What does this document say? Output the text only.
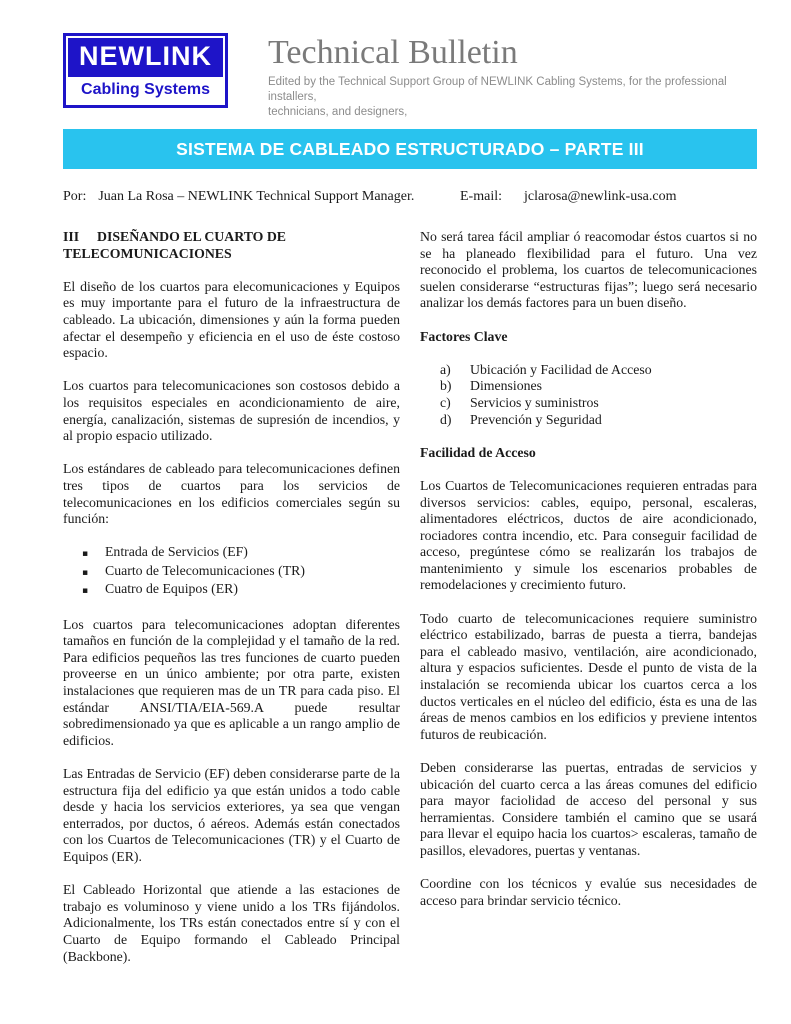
NEWLINK
Cabling Systems
Technical Bulletin
Edited by the Technical Support Group of NEWLINK Cabling Systems, for the professional installers,
technicians, and designers,
SISTEMA DE CABLEADO ESTRUCTURADO – PARTE III
Por: Juan La Rosa – NEWLINK Technical Support Manager.	E-mail: jclarosa@newlink-usa.com
III DISEÑANDO EL CUARTO DE
TELECOMUNICACIONES

El diseño de los cuartos para elecomunicaciones y Equipos es muy importante para el futuro de la infraestructura de cableado. La ubicación, dimensiones y aún la forma pueden afectar el desempeño y eficiencia en el uso de éste costoso espacio.

Los cuartos para telecomunicaciones son costosos debido a los requisitos especiales en acondicionamiento de aire, energía, canalización, sistemas de supresión de incendios, y al propio espacio utilizado.

Los estándares de cableado para telecomunicaciones definen tres tipos de cuartos para los servicios de telecomunicaciones en los edificios comerciales según su función:

▪	Entrada de Servicios (EF)
▪	Cuarto de Telecomunicaciones (TR)
▪	Cuatro de Equipos (ER)

Los cuartos para telecomunicaciones adoptan diferentes tamaños en función de la complejidad y el tamaño de la red. Para edificios pequeños las tres funciones de cuarto pueden proveerse en un único ambiente; por otra parte, existen instalaciones que requieren mas de un TR para cada piso. El estándar ANSI/TIA/EIA-569.A puede resultar sobredimensionado ya que es aplicable a un rango amplio de edificios.

Las Entradas de Servicio (EF) deben considerarse parte de la estructura fija del edificio ya que están unidos a todo cable desde y hacia los servicios exteriores, ya sea que vengan enterrados, por ductos, ó aéreos. Además están conectados con los Cuartos de Telecomunicaciones (TR) y el Cuarto de Equipos (ER).

El Cableado Horizontal que atiende a las estaciones de trabajo es voluminoso y viene unido a los TRs fijándolos. Adicionalmente, los TRs están conectados entre sí y con el Cuarto de Equipo formando el Cableado Principal (Backbone).

No será tarea fácil ampliar ó reacomodar éstos cuartos si no se ha planeado flexibilidad para el futuro. Una vez reconocido el problema, los cuartos de telecomunicaciones suelen considerarse “estructuras fijas”; luego será necesario analizar los demás factores para un buen diseño.

Factores Clave
a)	Ubicación y Facilidad de Acceso
b)	Dimensiones
c)	Servicios y suministros
d)	Prevención y Seguridad
Facilidad de Acceso

Los Cuartos de Telecomunicaciones requieren entradas para diversos servicios: cables, equipo, personal, escaleras, alimentadores eléctricos, ductos de aire acondicionado, rociadores contra incendio, etc. Para conseguir facilidad de acceso, pregúntese cómo se realizarán los trabajos de mantenimiento y simule los escenarios probables de remodelaciones y crecimiento futuro.

Todo cuarto de telecomunicaciones requiere suministro eléctrico estabilizado, barras de puesta a tierra, bandejas para el cableado masivo, ventilación, aire acondicionado, altura y espacios suficientes. Desde el punto de vista de la instalación se recomienda ubicar los cuartos cerca a los ductos verticales en el núcleo del edificio, ésta es una de las áreas de menos cambios en los edificios y previene intentos futuros de reubicación.

Deben considerarse las puertas, entradas de servicios y ubicación del cuarto cerca a las áreas comunes del edificio para mayor faciolidad de acceso del personal y sus herramientas. Considere también el camino que se usará para llevar el equipo hacia los cuartos> escaleras, tamaño de pasillos, elevadores, puertas y ventanas.

Coordine con los técnicos y evalúe sus necesidades de acceso para brindar servicio técnico.
